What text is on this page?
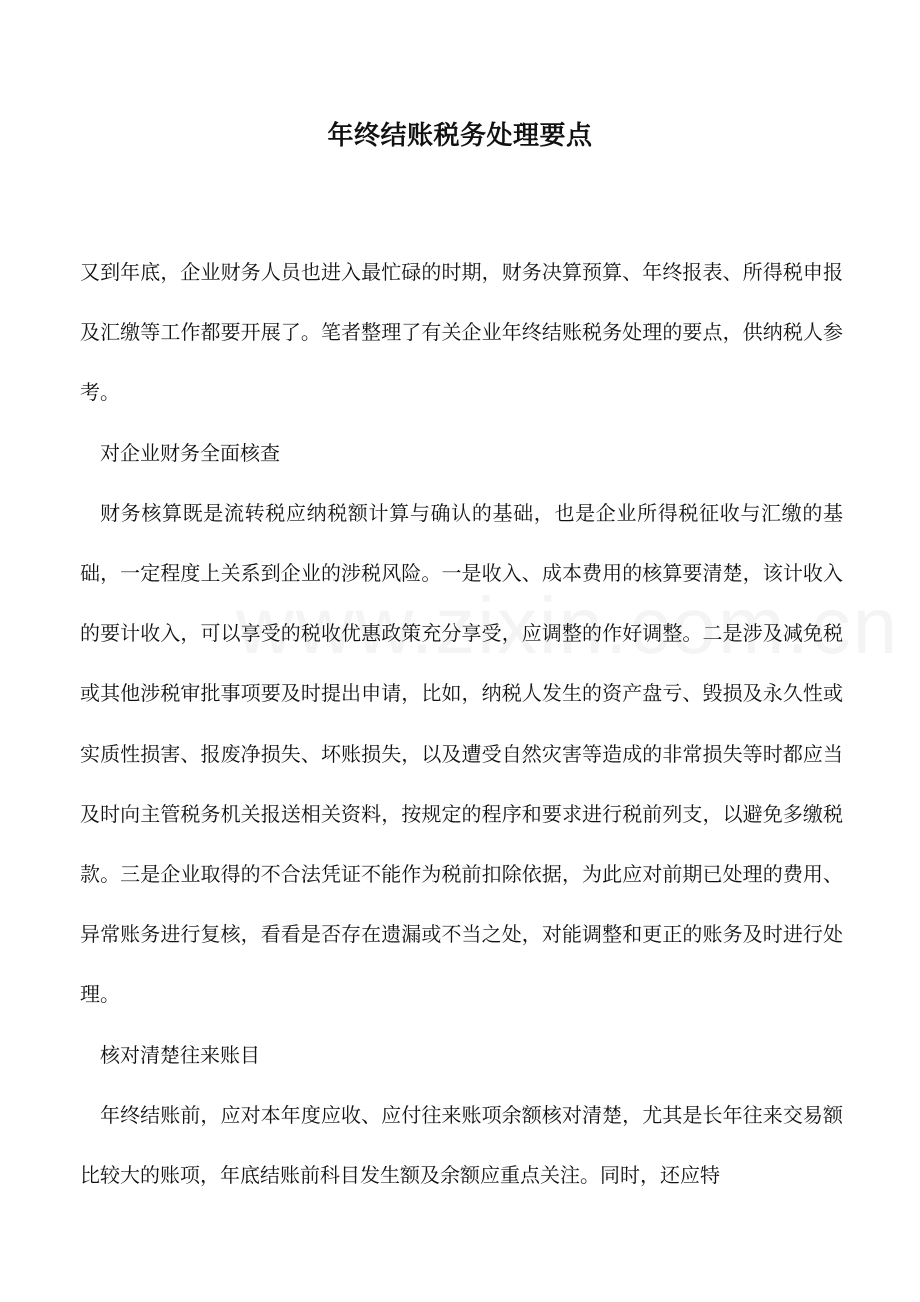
年终结账税务处理要点

又到年底，企业财务人员也进入最忙碌的时期，财务决算预算、年终报表、所得税申报及汇缴等工作都要开展了。笔者整理了有关企业年终结账税务处理的要点，供纳税人参考。

对企业财务全面核查

财务核算既是流转税应纳税额计算与确认的基础，也是企业所得税征收与汇缴的基础，一定程度上关系到企业的涉税风险。一是收入、成本费用的核算要清楚，该计收入的要计收入，可以享受的税收优惠政策充分享受，应调整的作好调整。二是涉及减免税或其他涉税审批事项要及时提出申请，比如，纳税人发生的资产盘亏、毁损及永久性或实质性损害、报废净损失、坏账损失，以及遭受自然灾害等造成的非常损失等时都应当及时向主管税务机关报送相关资料，按规定的程序和要求进行税前列支，以避免多缴税款。三是企业取得的不合法凭证不能作为税前扣除依据，为此应对前期已处理的费用、异常账务进行复核，看看是否存在遗漏或不当之处，对能调整和更正的账务及时进行处理。

核对清楚往来账目

年终结账前，应对本年度应收、应付往来账项余额核对清楚，尤其是长年往来交易额比较大的账项，年底结账前科目发生额及余额应重点关注。同时，还应特
